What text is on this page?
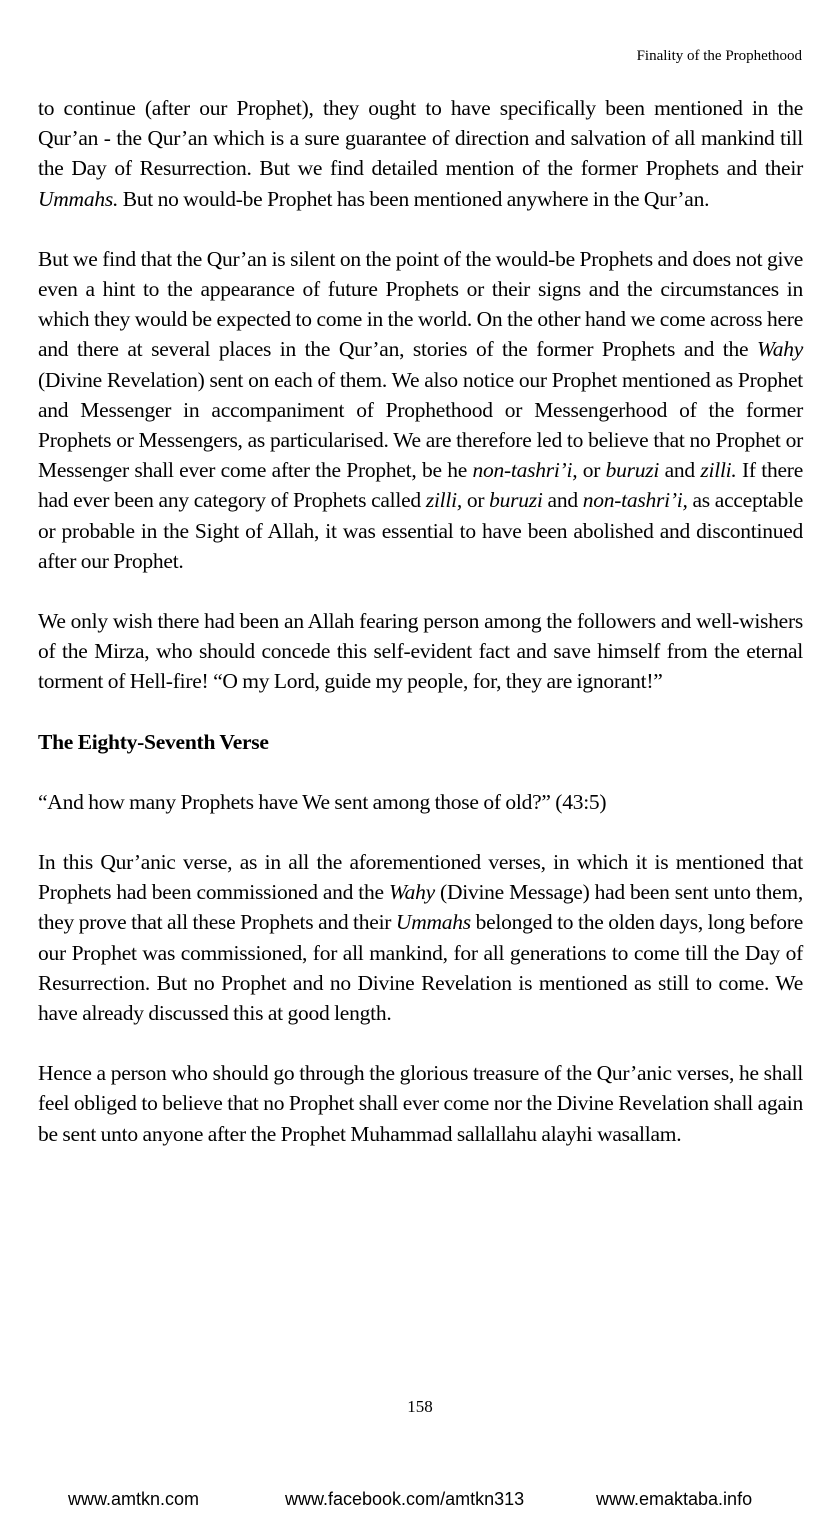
Finality of the Prophethood

to continue (after our Prophet), they ought to have specifically been mentioned in the Qur’an - the Qur’an which is a sure guarantee of direction and salvation of all mankind till the Day of Resurrection. But we find detailed mention of the former Prophets and their Ummahs. But no would-be Prophet has been mentioned anywhere in the Qur’an.

But we find that the Qur’an is silent on the point of the would-be Prophets and does not give even a hint to the appearance of future Prophets or their signs and the circumstances in which they would be expected to come in the world. On the other hand we come across here and there at several places in the Qur’an, stories of the former Prophets and the Wahy (Divine Revelation) sent on each of them. We also notice our Prophet mentioned as Prophet and Messenger in accompaniment of Prophethood or Messengerhood of the former Prophets or Messengers, as particularised. We are therefore led to believe that no Prophet or Messenger shall ever come after the Prophet, be he non-tashri’i, or buruzi and zilli. If there had ever been any category of Prophets called zilli, or buruzi and non-tashri’i, as acceptable or probable in the Sight of Allah, it was essential to have been abolished and discontinued after our Prophet.

We only wish there had been an Allah fearing person among the followers and well-wishers of the Mirza, who should concede this self-evident fact and save himself from the eternal torment of Hell-fire! “O my Lord, guide my people, for, they are ignorant!”

The Eighty-Seventh Verse

“And how many Prophets have We sent among those of old?” (43:5)

In this Qur’anic verse, as in all the aforementioned verses, in which it is mentioned that Prophets had been commissioned and the Wahy (Divine Message) had been sent unto them, they prove that all these Prophets and their Ummahs belonged to the olden days, long before our Prophet was commissioned, for all mankind, for all generations to come till the Day of Resurrection. But no Prophet and no Divine Revelation is mentioned as still to come. We have already discussed this at good length.

Hence a person who should go through the glorious treasure of the Qur’anic verses, he shall feel obliged to believe that no Prophet shall ever come nor the Divine Revelation shall again be sent unto anyone after the Prophet Muhammad sallallahu alayhi wasallam.

158
www.amtkn.com	www.facebook.com/amtkn313	www.emaktaba.info
